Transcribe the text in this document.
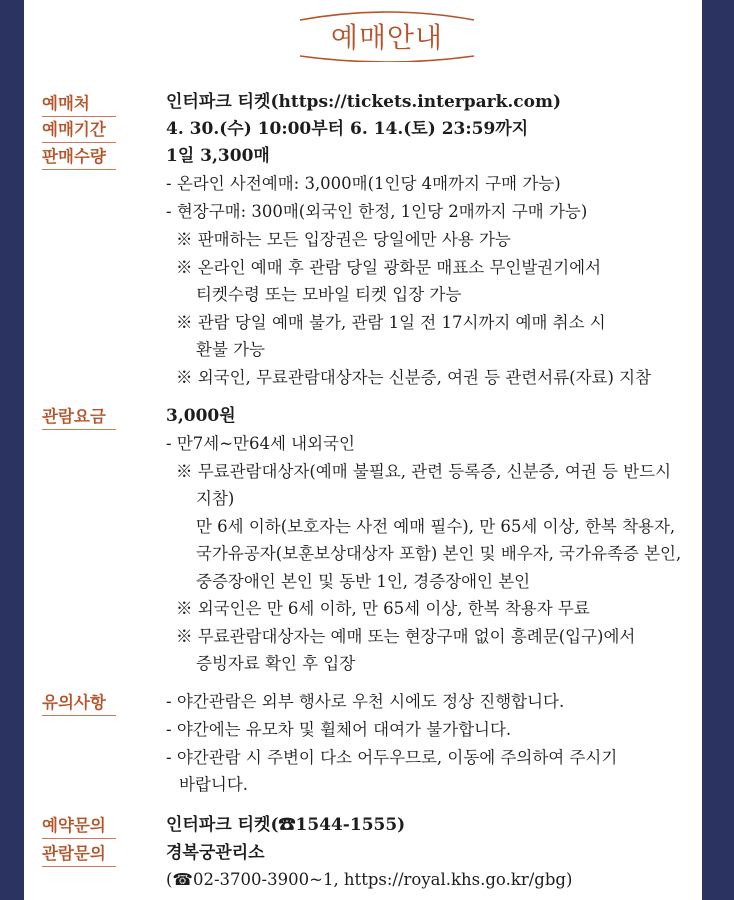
예매안내
예매처	인터파크 티켓(https://tickets.interpark.com)
예매기간	4. 30.(수) 10:00부터 6. 14.(토) 23:59까지
판매수량	1일 3,300매
- 온라인 사전예매: 3,000매(1인당 4매까지 구매 가능)
- 현장구매: 300매(외국인 한정, 1인당 2매까지 구매 가능)
※ 판매하는 모든 입장권은 당일에만 사용 가능
※ 온라인 예매 후 관람 당일 광화문 매표소 무인발권기에서
티켓수령 또는 모바일 티켓 입장 가능
※ 관람 당일 예매 불가, 관람 1일 전 17시까지 예매 취소 시
환불 가능
※ 외국인, 무료관람대상자는 신분증, 여권 등 관련서류(자료) 지참
관람요금	3,000원
- 만7세~만64세 내외국인
※ 무료관람대상자(예매 불필요, 관련 등록증, 신분증, 여권 등 반드시
지참)
만 6세 이하(보호자는 사전 예매 필수), 만 65세 이상, 한복 착용자,
국가유공자(보훈보상대상자 포함) 본인 및 배우자, 국가유족증 본인,
중증장애인 본인 및 동반 1인, 경증장애인 본인
※ 외국인은 만 6세 이하, 만 65세 이상, 한복 착용자 무료
※ 무료관람대상자는 예매 또는 현장구매 없이 흥례문(입구)에서
증빙자료 확인 후 입장
유의사항	- 야간관람은 외부 행사로 우천 시에도 정상 진행합니다.
- 야간에는 유모차 및 휠체어 대여가 불가합니다.
- 야간관람 시 주변이 다소 어두우므로, 이동에 주의하여 주시기
바랍니다.
예약문의	인터파크 티켓(☎1544-1555)
관람문의	경복궁관리소
(☎02-3700-3900~1, https://royal.khs.go.kr/gbg)
